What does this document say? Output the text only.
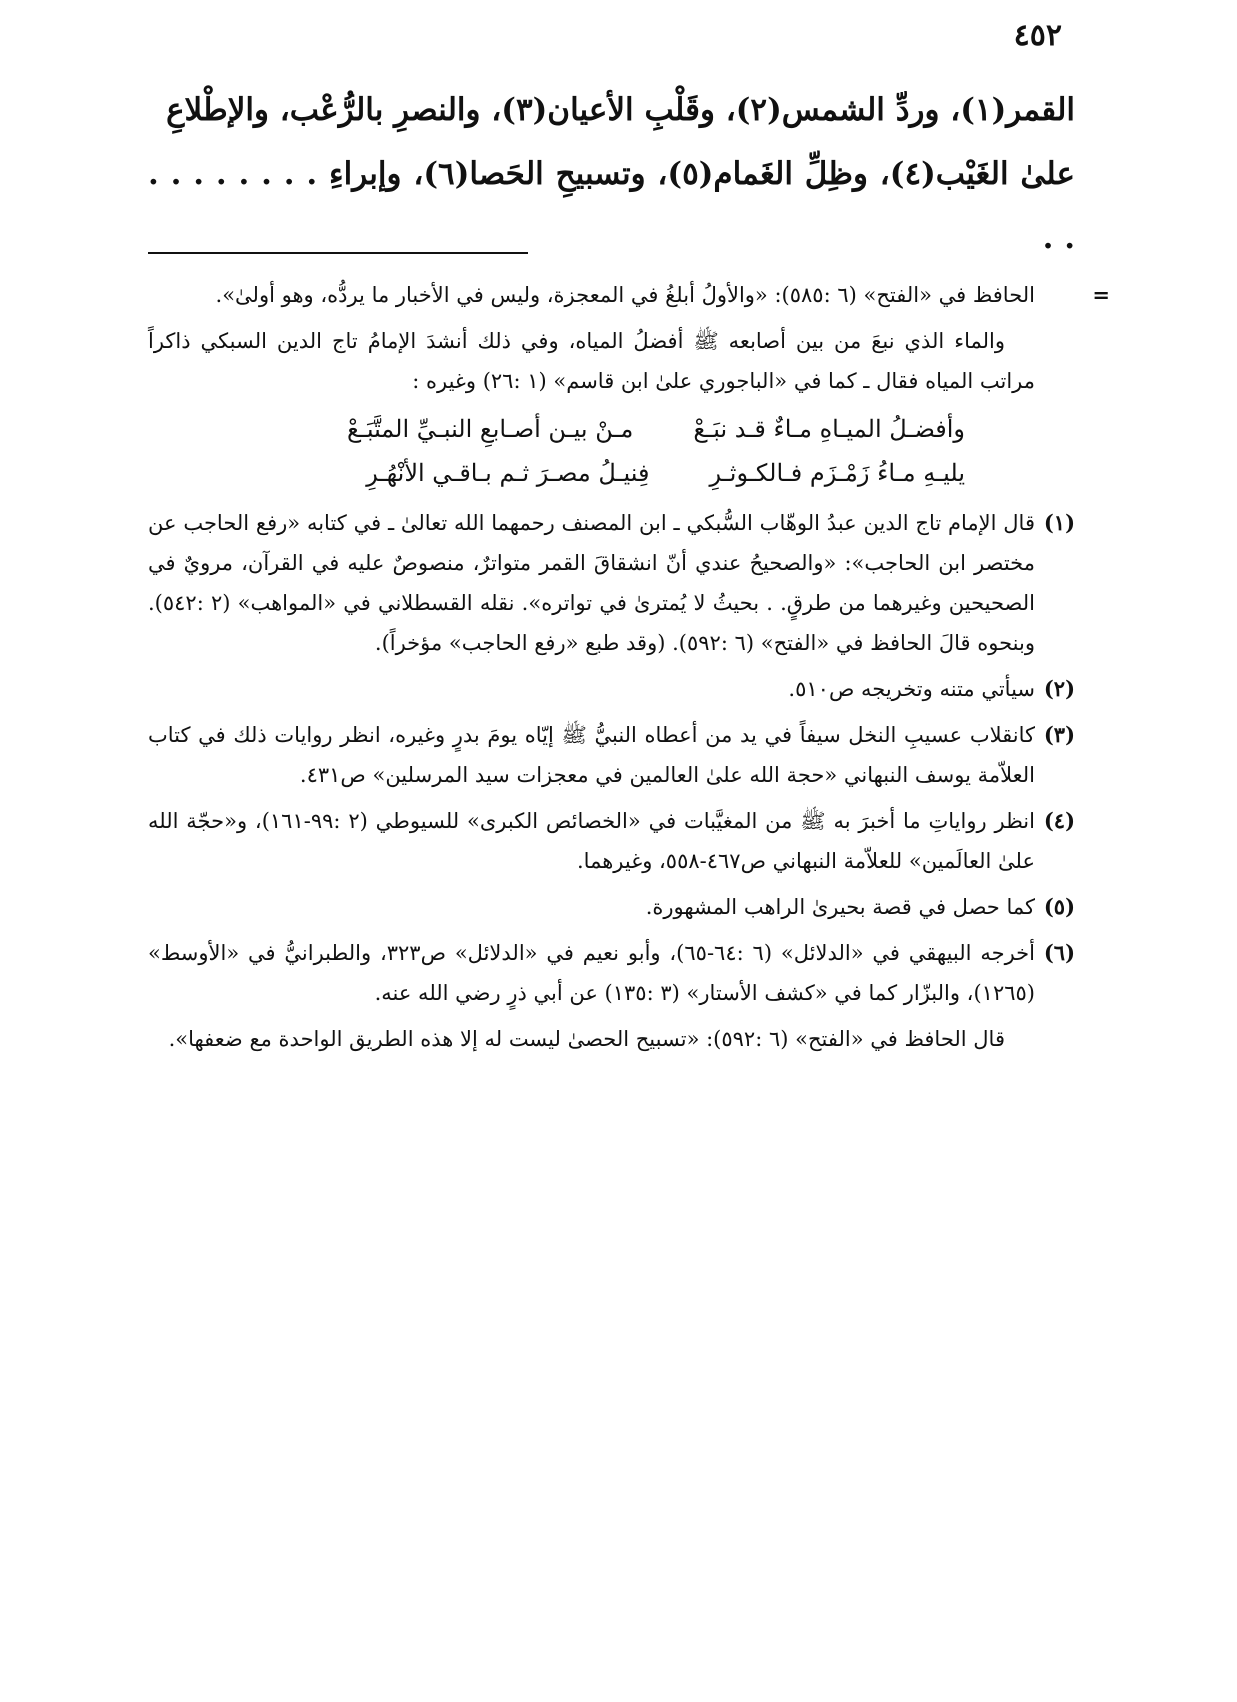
٤٥٢

القمر(١)، وردِّ الشمس(٢)، وقَلْبِ الأعيان(٣)، والنصرِ بالرُّعْب، والإطْلاعِ

علىٰ الغَيْب(٤)، وظِلِّ الغَمام(٥)، وتسبيحِ الحَصا(٦)، وإبراءِ . . . . . . . . . .

=
الحافظ في «الفتح» (٦ :٥٨٥): «والأولُ أبلغُ في المعجزة، وليس في الأخبار ما يردُّه، وهو أولىٰ».

والماء الذي نبعَ من بين أصابعه ﷺ أفضلُ المياه، وفي ذلك أنشدَ الإمامُ تاج الدين السبكي ذاكراً مراتب المياه فقال ـ كما في «الباجوري علىٰ ابن قاسم» (١ :٢٦) وغيره :

وأفضـلُ الميـاهِ مـاءٌ قـد نبَـعْ
مـنْ بيـن أصـابعِ النبـيِّ المتَّبَـعْ
يليـهِ مـاءُ زَمْـزَم فـالكـوثـرِ
فِنيـلُ مصـرَ ثـم بـاقـي الأنْهُـرِ
(١)

قال الإمام تاج الدين عبدُ الوهّاب السُّبكي ـ ابن المصنف رحمهما الله تعالىٰ ـ في كتابه «رفع الحاجب عن مختصر ابن الحاجب»: «والصحيحُ عندي أنّ انشقاقَ القمر متواترٌ، منصوصٌ عليه في القرآن، مرويٌ في الصحيحين وغيرهما من طرقٍ. . بحيثُ لا يُمترىٰ في تواتره». نقله القسطلاني في «المواهب» (٢ :٥٤٢). وبنحوه قالَ الحافظ في «الفتح» (٦ :٥٩٢). (وقد طبع «رفع الحاجب» مؤخراً).

(٢)

سيأتي متنه وتخريجه ص٥١٠.

(٣)

كانقلاب عسيبِ النخل سيفاً في يد من أعطاه النبيُّ ﷺ إيّاه يومَ بدرٍ وغيره، انظر روايات ذلك في كتاب العلاّمة يوسف النبهاني «حجة الله علىٰ العالمين في معجزات سيد المرسلين» ص٤٣١.

(٤)

انظر رواياتِ ما أخبرَ به ﷺ من المغيَّبات في «الخصائص الكبرى» للسيوطي (٢ :٩٩-١٦١)، و«حجّة الله علىٰ العالَمين» للعلاّمة النبهاني ص٤٦٧-٥٥٨، وغيرهما.

(٥)

كما حصل في قصة بحيرىٰ الراهب المشهورة.

(٦)

أخرجه البيهقي في «الدلائل» (٦ :٦٤-٦٥)، وأبو نعيم في «الدلائل» ص٣٢٣، والطبرانيُّ في «الأوسط» (١٢٦٥)، والبزّار كما في «كشف الأستار» (٣ :١٣٥) عن أبي ذرٍ رضي الله عنه.

قال الحافظ في «الفتح» (٦ :٥٩٢): «تسبيح الحصىٰ ليست له إلا هذه الطريق الواحدة مع ضعفها».
